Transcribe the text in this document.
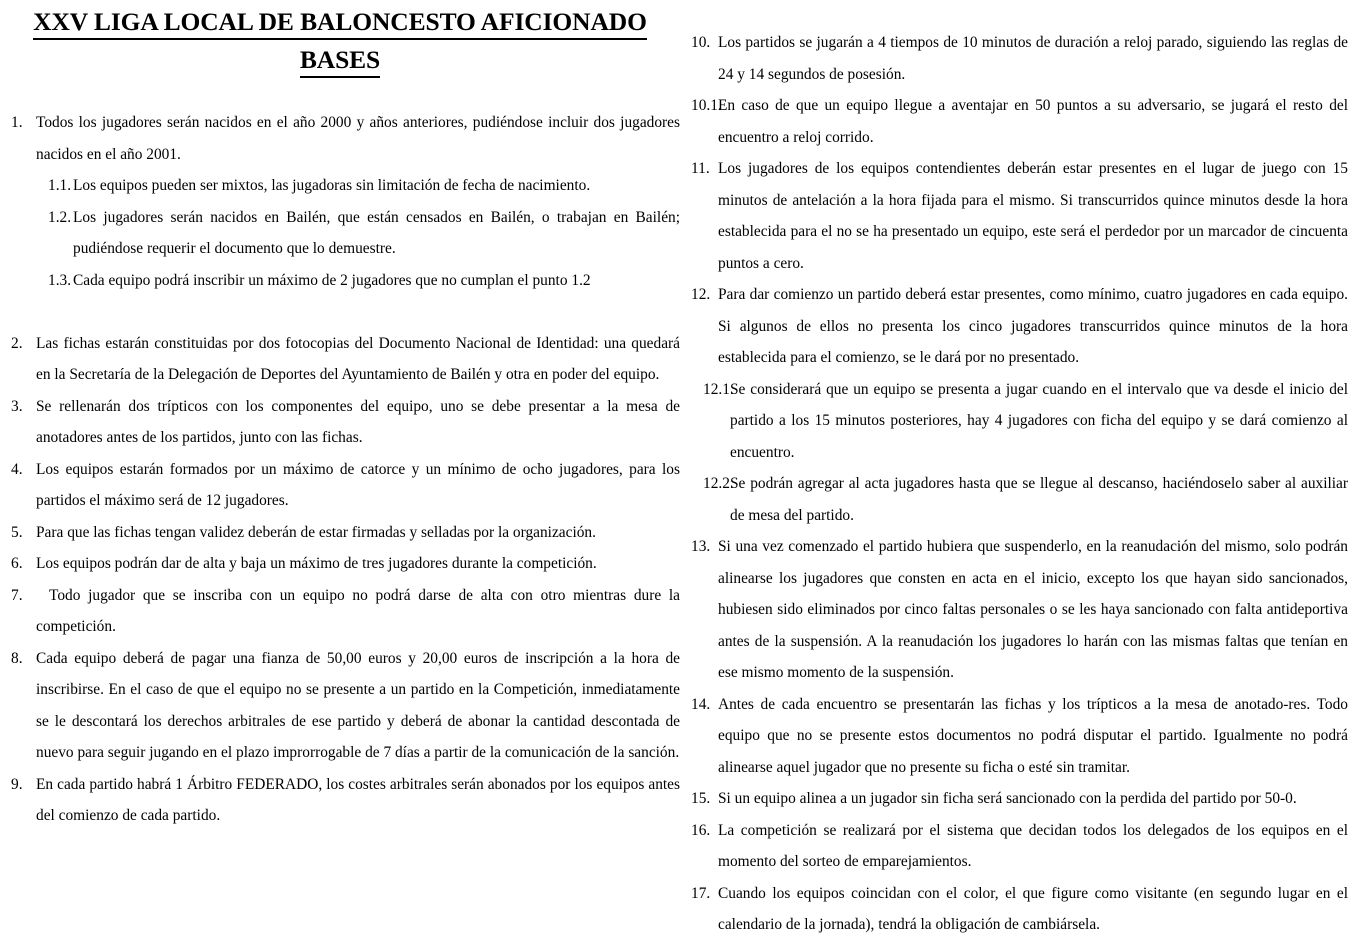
XXV LIGA LOCAL DE BALONCESTO AFICIONADO
BASES

1. Todos los jugadores serán nacidos en el año 2000 y años anteriores, pudiéndose incluir dos jugadores nacidos en el año 2001.

1.1. Los equipos pueden ser mixtos, las jugadoras sin limitación de fecha de nacimiento.

1.2. Los jugadores serán nacidos en Bailén, que están censados en Bailén, o trabajan en Bailén; pudiéndose requerir el documento que lo demuestre.

1.3. Cada equipo podrá inscribir un máximo de 2 jugadores que no cumplan el punto 1.2

2. Las fichas estarán constituidas por dos fotocopias del Documento Nacional de Identidad: una quedará en la Secretaría de la Delegación de Deportes del Ayuntamiento de Bailén y otra en poder del equipo.

3. Se rellenarán dos trípticos con los componentes del equipo, uno se debe presentar a la mesa de anotadores antes de los partidos, junto con las fichas.

4. Los equipos estarán formados por un máximo de catorce y un mínimo de ocho jugadores, para los partidos el máximo será de 12 jugadores.

5. Para que las fichas tengan validez deberán de estar firmadas y selladas por la organización.

6. Los equipos podrán dar de alta y baja un máximo de tres jugadores durante la competición.

7.	Todo jugador que se inscriba con un equipo no podrá darse de alta con otro mientras dure la competición.

8. Cada equipo deberá de pagar una fianza de 50,00 euros y 20,00 euros de inscripción a la hora de inscribirse. En el caso de que el equipo no se presente a un partido en la Competición, inmediatamente se le descontará los derechos arbitrales de ese partido y deberá de abonar la cantidad descontada de nuevo para seguir jugando en el plazo improrrogable de 7 días a partir de la comunicación de la sanción.

9. En cada partido habrá 1 Árbitro FEDERADO, los costes arbitrales serán abonados por los equipos antes del comienzo de cada partido.

10. Los partidos se jugarán a 4 tiempos de 10 minutos de duración a reloj parado, siguiendo las reglas de 24 y 14 segundos de posesión.

10.1.
En caso de que un equipo llegue a aventajar en 50 puntos a su adversario, se jugará el resto del encuentro a reloj corrido.

11. Los jugadores de los equipos contendientes deberán estar presentes en el lugar de juego con 15 minutos de antelación a la hora fijada para el mismo. Si transcurridos quince minutos desde la hora establecida para el no se ha presentado un equipo, este será el perdedor por un marcador de cincuenta puntos a cero.

12. Para dar comienzo un partido deberá estar presentes, como mínimo, cuatro jugadores en cada equipo. Si algunos de ellos no presenta los cinco jugadores transcurridos quince minutos de la hora establecida para el comienzo, se le dará por no presentado.

12.1.
Se considerará que un equipo se presenta a jugar cuando en el intervalo que va desde el inicio del partido a los 15 minutos posteriores, hay 4 jugadores con ficha del equipo y se dará comienzo al encuentro.

12.2.
Se podrán agregar al acta jugadores hasta que se llegue al descanso, haciéndoselo saber al auxiliar de mesa del partido.

13. Si una vez comenzado el partido hubiera que suspenderlo, en la reanudación del mismo, solo podrán alinearse los jugadores que consten en acta en el inicio, excepto los que hayan sido sancionados, hubiesen sido eliminados por cinco faltas personales o se les haya sancionado con falta antideportiva antes de la suspensión. A la reanudación los jugadores lo harán con las mismas faltas que tenían en ese mismo momento de la suspensión.

14. Antes de cada encuentro se presentarán las fichas y los trípticos a la mesa de anotado-res. Todo equipo que no se presente estos documentos no podrá disputar el partido. Igualmente no podrá alinearse aquel jugador que no presente su ficha o esté sin tramitar.

15. Si un equipo alinea a un jugador sin ficha será sancionado con la perdida del partido por 50-0.

16. La competición se realizará por el sistema que decidan todos los delegados de los equipos en el momento del sorteo de emparejamientos.

17. Cuando los equipos coincidan con el color, el que figure como visitante (en segundo lugar en el calendario de la jornada), tendrá la obligación de cambiársela.
